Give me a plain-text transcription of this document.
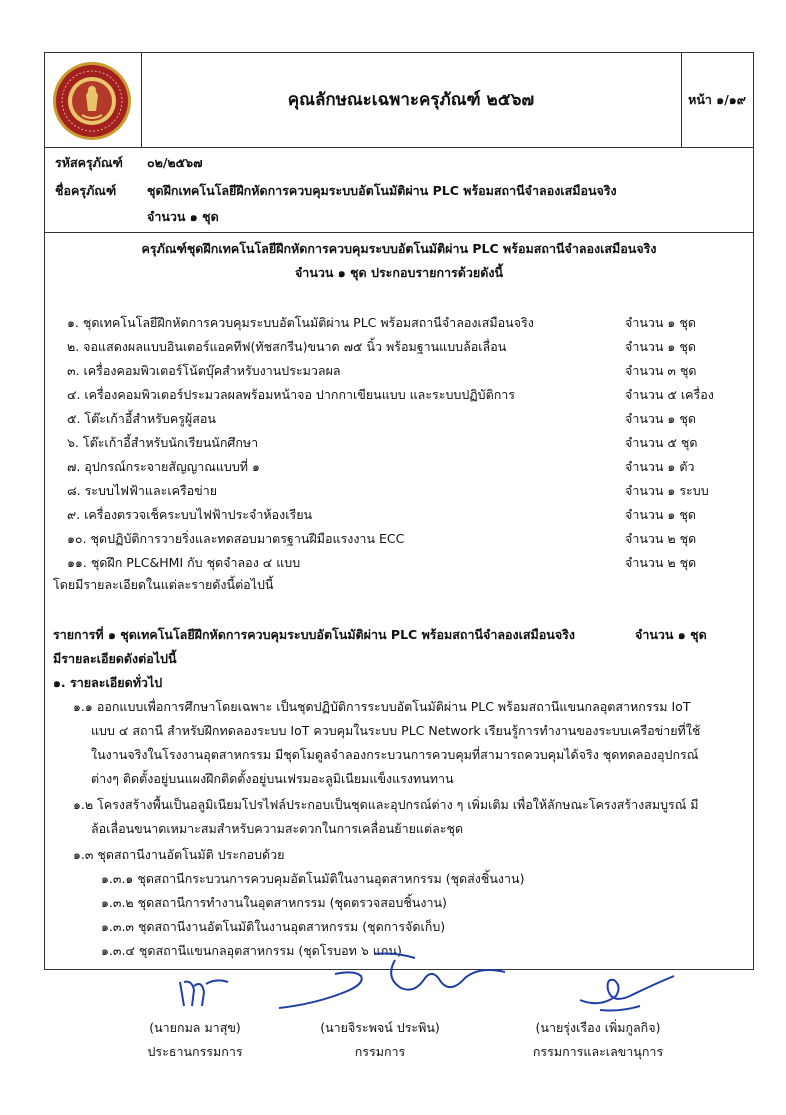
คุณลักษณะเฉพาะครุภัณฑ์ ๒๕๖๗	หน้า ๑/๑๙
รหัสครุภัณฑ์ ๐๒/๒๕๖๗
ชื่อครุภัณฑ์ ชุดฝึกเทคโนโลยีฝึกหัดการควบคุมระบบอัตโนมัติผ่าน PLC พร้อมสถานีจำลองเสมือนจริง
จำนวน ๑ ชุด
ครุภัณฑ์ชุดฝึกเทคโนโลยีฝึกหัดการควบคุมระบบอัตโนมัติผ่าน PLC พร้อมสถานีจำลองเสมือนจริง
จำนวน ๑ ชุด ประกอบรายการด้วยดังนี้
๑. ชุดเทคโนโลยีฝึกหัดการควบคุมระบบอัตโนมัติผ่าน PLC พร้อมสถานีจำลองเสมือนจริง	จำนวน ๑ ชุด
๒. จอแสดงผลแบบอินเตอร์แอคทีฟ(ทัชสกรีน)ขนาด ๗๕ นิ้ว พร้อมฐานแบบล้อเลื่อน	จำนวน ๑ ชุด
๓. เครื่องคอมพิวเตอร์โน้ตบุ๊คสำหรับงานประมวลผล	จำนวน ๓ ชุด
๔. เครื่องคอมพิวเตอร์ประมวลผลพร้อมหน้าจอ ปากกาเขียนแบบ และระบบปฏิบัติการ	จำนวน ๕ เครื่อง
๕. โต๊ะเก้าอี้สำหรับครูผู้สอน	จำนวน ๑ ชุด
๖. โต๊ะเก้าอี้สำหรับนักเรียนนักศึกษา	จำนวน ๕ ชุด
๗. อุปกรณ์กระจายสัญญาณแบบที่ ๑	จำนวน ๑ ตัว
๘. ระบบไฟฟ้าและเครือข่าย	จำนวน ๑ ระบบ
๙. เครื่องตรวจเช็คระบบไฟฟ้าประจำห้องเรียน	จำนวน ๑ ชุด
๑๐. ชุดปฏิบัติการวายริ่งและทดสอบมาตรฐานฝีมือแรงงาน ECC	จำนวน ๒ ชุด
๑๑. ชุดฝึก PLC&HMI กับ ชุดจำลอง ๔ แบบ	จำนวน ๒ ชุด
โดยมีรายละเอียดในแต่ละรายดังนี้ต่อไปนี้
รายการที่ ๑ ชุดเทคโนโลยีฝึกหัดการควบคุมระบบอัตโนมัติผ่าน PLC พร้อมสถานีจำลองเสมือนจริง	จำนวน ๑ ชุด
มีรายละเอียดดังต่อไปนี้
๑. รายละเอียดทั่วไป
๑.๑ ออกแบบเพื่อการศึกษาโดยเฉพาะ เป็นชุดปฏิบัติการระบบอัตโนมัติผ่าน PLC พร้อมสถานีแขนกลอุตสาหกรรม IoT
แบบ ๔ สถานี สำหรับฝึกทดลองระบบ IoT ควบคุมในระบบ PLC Network เรียนรู้การทำงานของระบบเครือข่ายที่ใช้
ในงานจริงในโรงงานอุตสาหกรรม มีชุดโมดูลจำลองกระบวนการควบคุมที่สามารถควบคุมได้จริง ชุดทดลองอุปกรณ์
ต่างๆ ติดตั้งอยู่บนแผงฝึกติดตั้งอยู่บนเฟรมอะลูมิเนียมแข็งแรงทนทาน
๑.๒ โครงสร้างพื้นเป็นอลูมิเนียมโปรไฟล์ประกอบเป็นชุดและอุปกรณ์ต่าง ๆ เพิ่มเติม เพื่อให้ลักษณะโครงสร้างสมบูรณ์ มี
ล้อเลื่อนขนาดเหมาะสมสำหรับความสะดวกในการเคลื่อนย้ายแต่ละชุด
๑.๓ ชุดสถานีงานอัตโนมัติ ประกอบด้วย
๑.๓.๑ ชุดสถานีกระบวนการควบคุมอัตโนมัติในงานอุตสาหกรรม (ชุดส่งชิ้นงาน)
๑.๓.๒ ชุดสถานีการทำงานในอุตสาหกรรม (ชุดตรวจสอบชิ้นงาน)
๑.๓.๓ ชุดสถานีงานอัตโนมัติในงานอุตสาหกรรม (ชุดการจัดเก็บ)
๑.๓.๔ ชุดสถานีแขนกลอุตสาหกรรม (ชุดโรบอท ๖ แกน)
(นายกมล มาสุข)
ประธานกรรมการ
(นายจิระพจน์ ประพิน)
กรรมการ
(นายรุ่งเรือง เพิ่มกูลกิจ)
กรรมการและเลขานุการ
